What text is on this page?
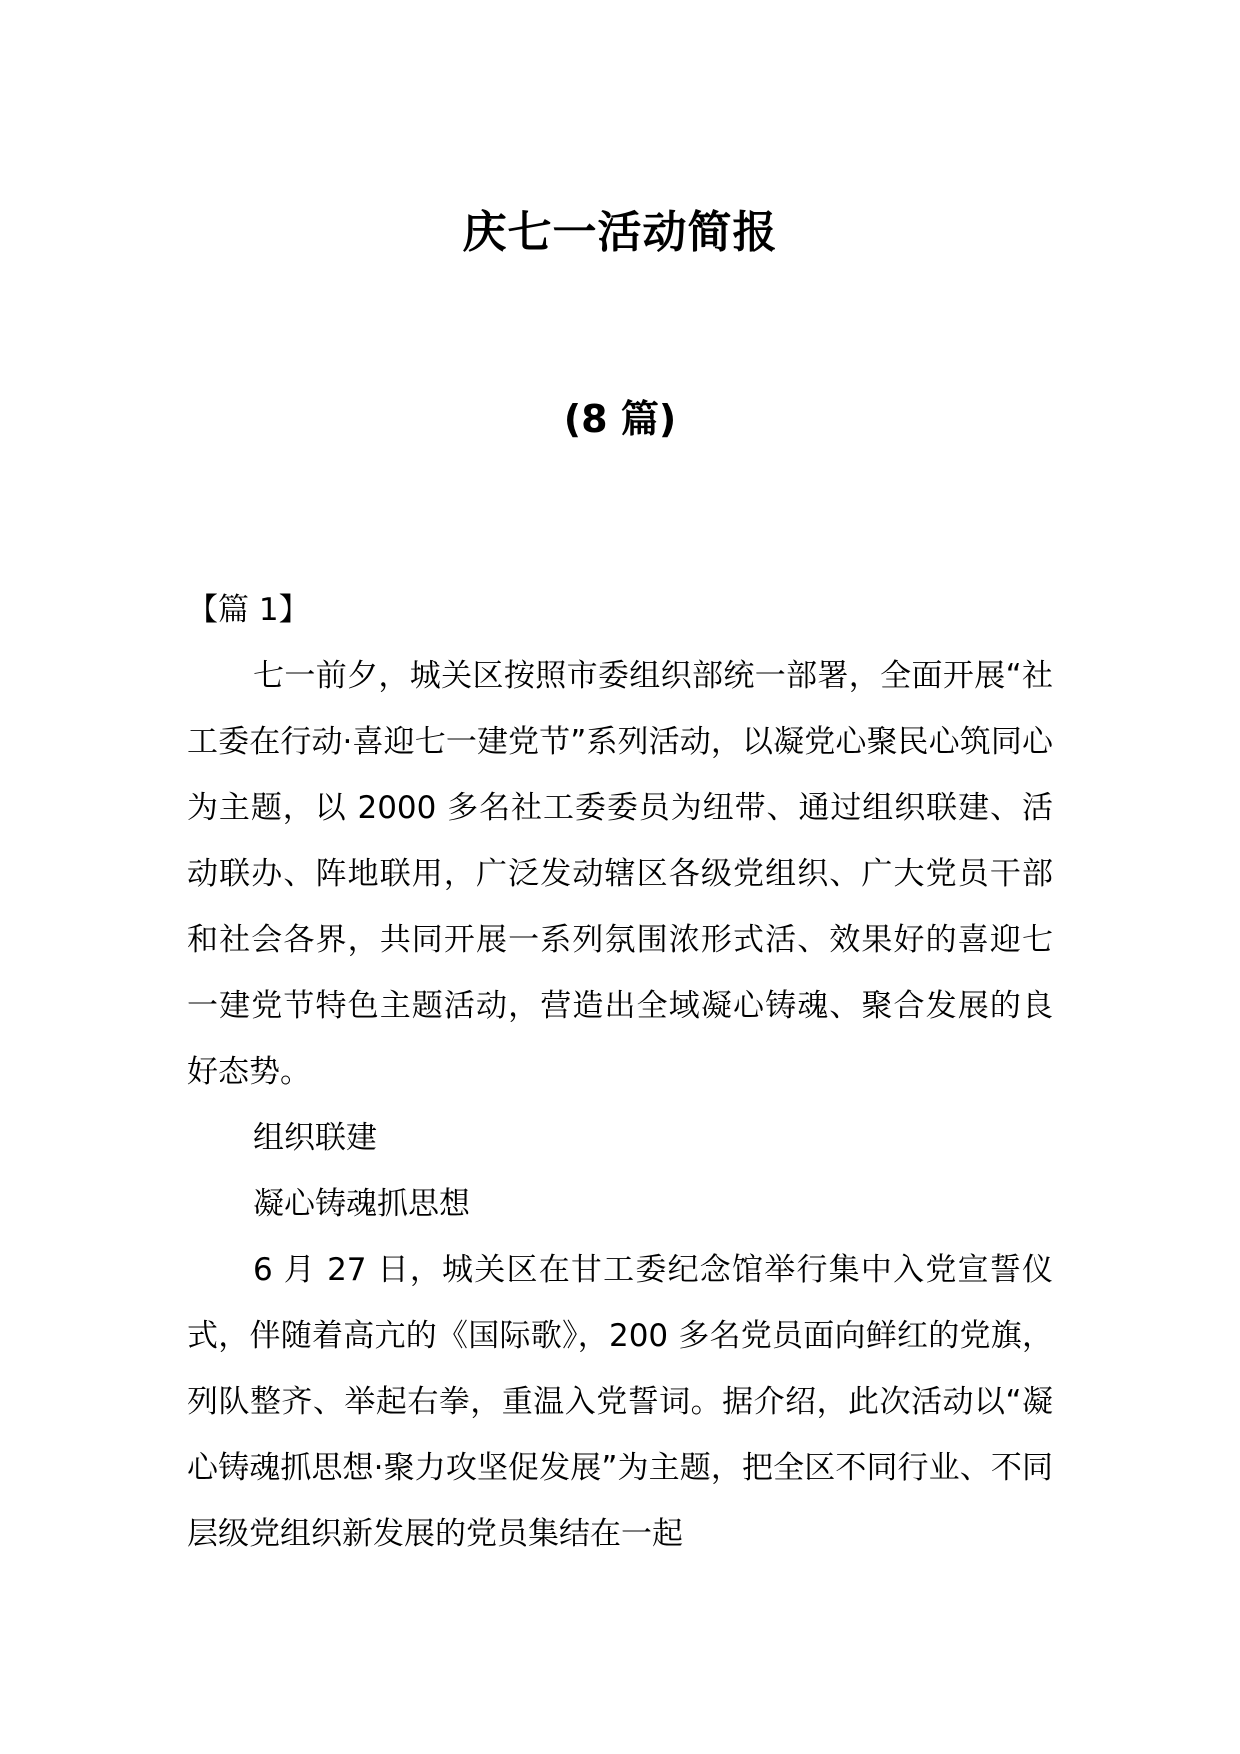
庆七一活动简报
(8 篇)

【篇 1】

七一前夕，城关区按照市委组织部统一部署，全面开展“社工委在行动·喜迎七一建党节”系列活动，以凝党心聚民心筑同心为主题，以 2000 多名社工委委员为纽带、通过组织联建、活动联办、阵地联用，广泛发动辖区各级党组织、广大党员干部和社会各界，共同开展一系列氛围浓形式活、效果好的喜迎七一建党节特色主题活动，营造出全域凝心铸魂、聚合发展的良好态势。

组织联建

凝心铸魂抓思想

6 月 27 日，城关区在甘工委纪念馆举行集中入党宣誓仪式，伴随着高亢的《国际歌》，200 多名党员面向鲜红的党旗，列队整齐、举起右拳，重温入党誓词。据介绍，此次活动以“凝心铸魂抓思想·聚力攻坚促发展”为主题，把全区不同行业、不同层级党组织新发展的党员集结在一起
